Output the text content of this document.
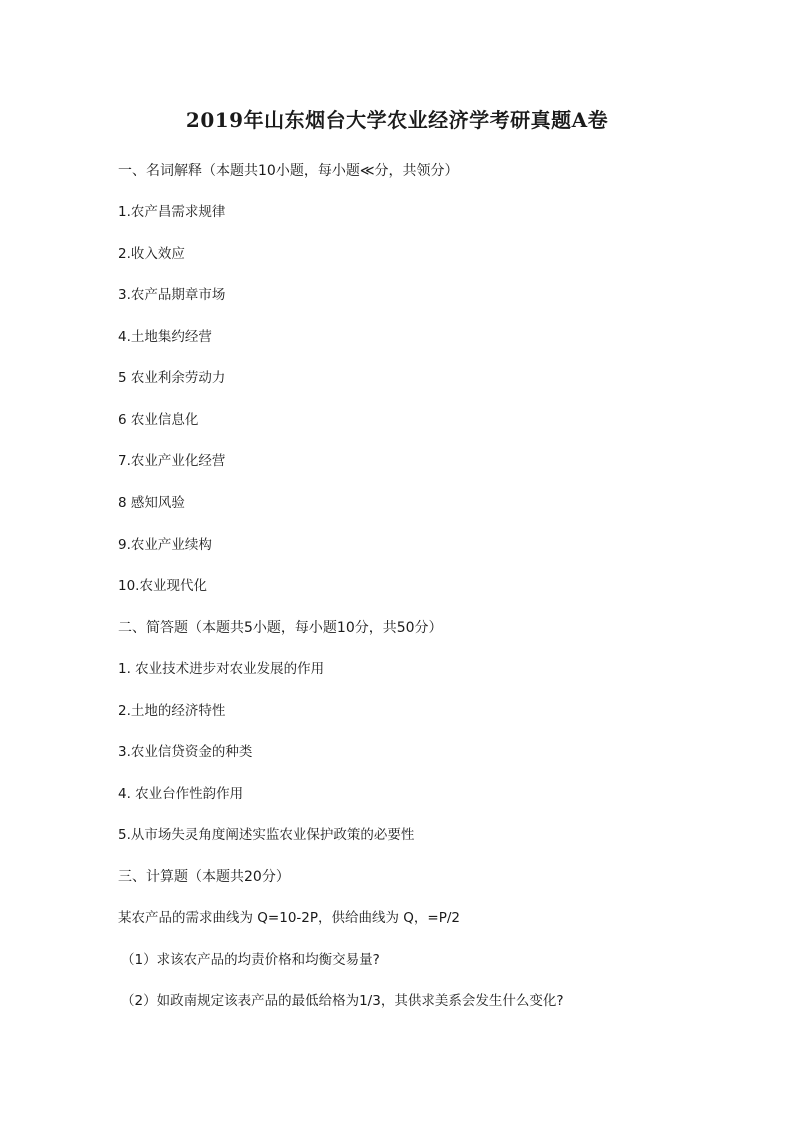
2019年山东烟台大学农业经济学考研真题A卷
一、名词解释（本题共10小题，每小题≪分，共领分）
1.农产昌需求规律
2.收入效应
3.农产品期章市场
4.土地集约经营
5 农业利余劳动力
6 农业信息化
7.农业产业化经营
8 感知风验
9.农业产业续构
10.农业现代化
二、简答题（本题共5小题，每小题10分，共50分）
1. 农业技术进步对农业发展的作用
2.土地的经济特性
3.农业信贷资金的种类
4. 农业台作性韵作用
5.从市场失灵角度阐述实监农业保护政策的必要性
三、计算题（本题共20分）
某农产品的需求曲线为 Q=10-2P，供给曲线为 Q，=P/2
（1）求该农产品的均责价格和均衡交易量?
（2）如政南规定该表产品的最低给格为1/3，其供求美系会发生什么变化?
